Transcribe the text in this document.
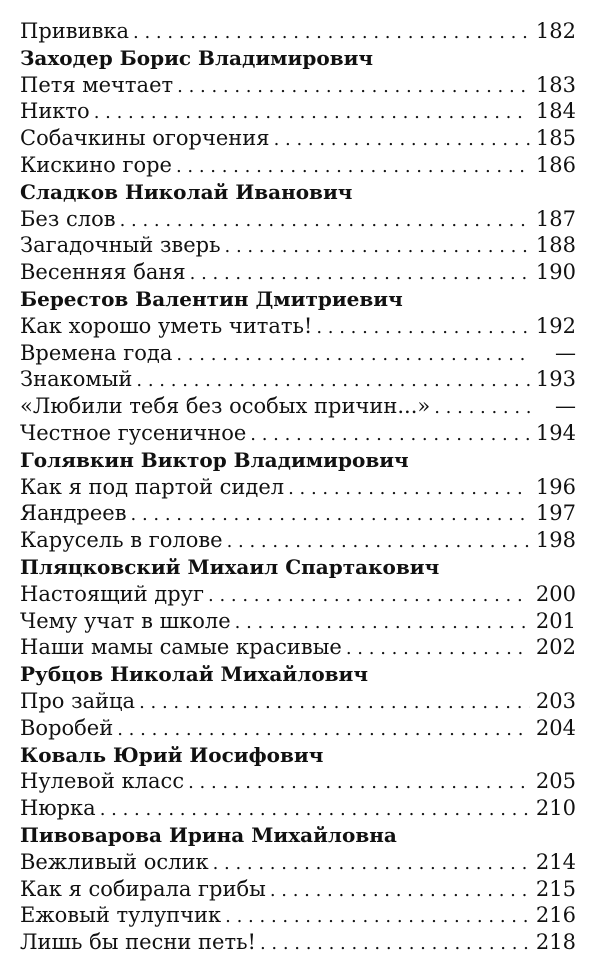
Прививка . . .	182
Заходер Борис Владимирович
Петя мечтает . . .	183
Никто . . .	184
Собачкины огорчения . . .	185
Кискино горе . . .	186
Сладков Николай Иванович
Без слов . . .	187
Загадочный зверь . . .	188
Весенняя баня . . .	190
Берестов Валентин Дмитриевич
Как хорошо уметь читать! . . .	192
Времена года . . .	—
Знакомый . . .	193
«Любили тебя без особых причин...» . . .	—
Честное гусеничное . . .	194
Голявкин Виктор Владимирович
Как я под партой сидел . . .	196
Яандреев . . .	197
Карусель в голове . . .	198
Пляцковский Михаил Спартакович
Настоящий друг . . .	200
Чему учат в школе . . .	201
Наши мамы самые красивые . . .	202
Рубцов Николай Михайлович
Про зайца . . .	203
Воробей . . .	204
Коваль Юрий Иосифович
Нулевой класс . . .	205
Нюрка . . .	210
Пивоварова Ирина Михайловна
Вежливый ослик . . .	214
Как я собирала грибы . . .	215
Ежовый тулупчик . . .	216
Лишь бы песни петь! . . .	218
